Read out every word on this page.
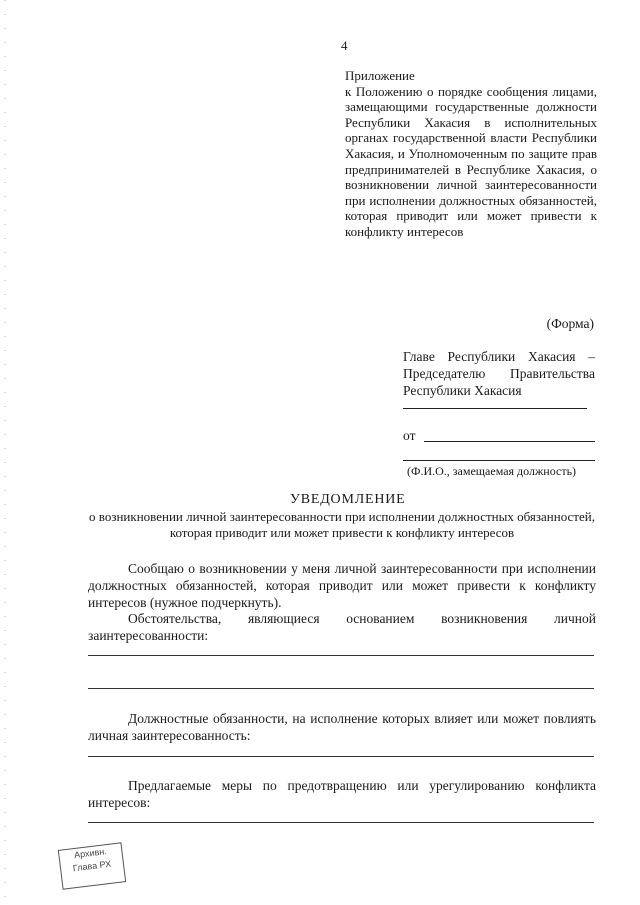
4
Приложение
к Положению о порядке сообщения лицами, замещающими государственные должности Республики Хакасия в исполнительных органах государственной власти Республики Хакасия, и Уполномоченным по защите прав предпринимателей в Республике Хакасия, о возникновении личной заинтересованности при исполнении должностных обязанностей, которая приводит или может привести к конфликту интересов
(Форма)
Главе Республики Хакасия – Председателю Правительства Республики Хакасия
от
(Ф.И.О., замещаемая должность)
УВЕДОМЛЕНИЕ
о возникновении личной заинтересованности при исполнении должностных обязанностей, которая приводит или может привести к конфликту интересов
Сообщаю о возникновении у меня личной заинтересованности при исполнении должностных обязанностей, которая приводит или может привести к конфликту интересов (нужное подчеркнуть).
Обстоятельства, являющиеся основанием возникновения личной заинтересованности:
Должностные обязанности, на исполнение которых влияет или может повлиять личная заинтересованность:
Предлагаемые меры по предотвращению или урегулированию конфликта интересов:
Архивн.
Глава РХ
